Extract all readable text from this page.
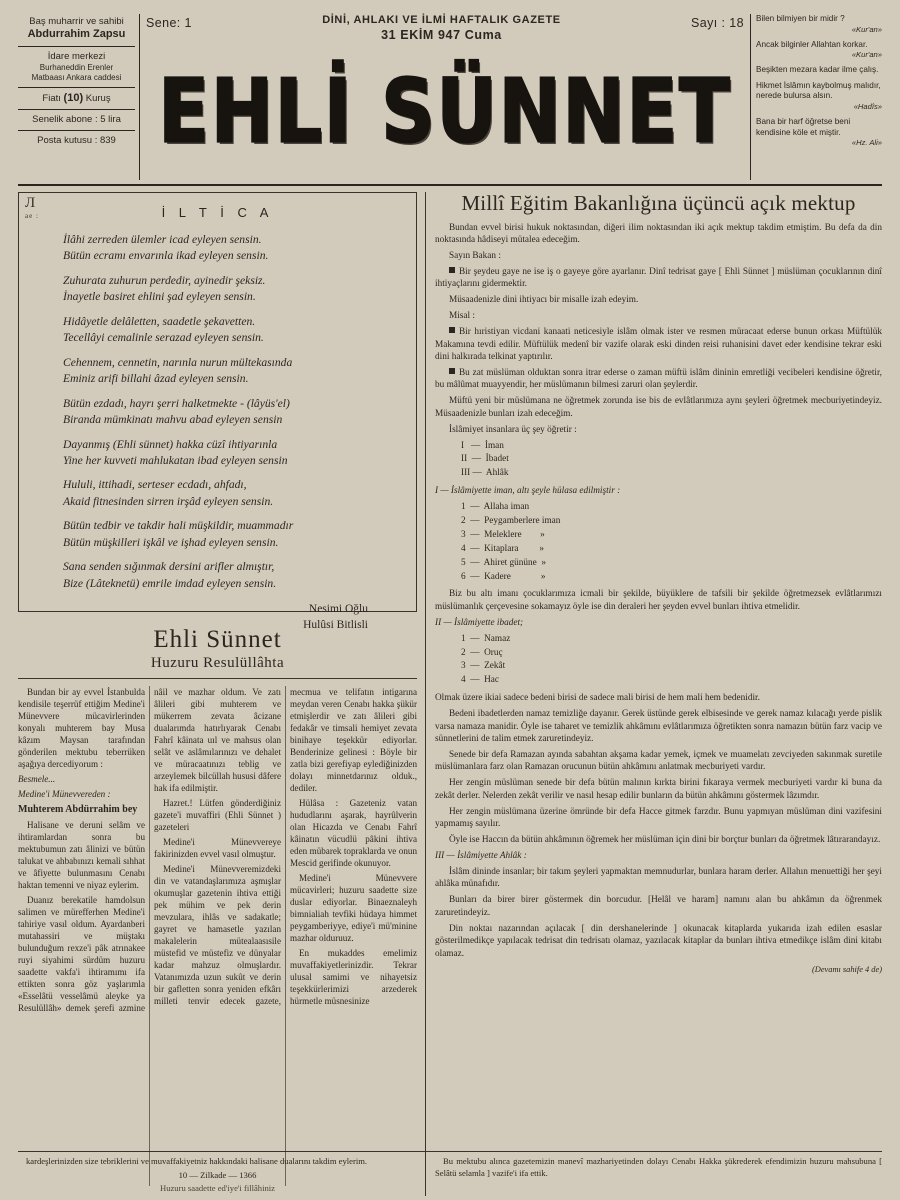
Baş muharrir ve sahibi
Abdurrahim Zapsu
İdare merkezi
Burhaneddin Erenler
Matbaası Ankara caddesi
Fiatı (10) Kuruş
Senelik abone : 5 lira
Posta kutusu : 839
Sene: 1	DİNİ, AHLAKI VE İLMİ HAFTALIK GAZETE
31 EKİM 947 Cuma
Sayı : 18
EHLİ SÜNNET
Bilen bilmiyen bir midir ?
«Kur'an»
Ancak bilginler Allahtan korkar.
«Kur'an»
Beşikten mezara kadar ilme çalış.
Hikmet İslâmın kaybolmuş malıdır, nerede bulursa alsın.
«Hadîs»
Bana bir harf öğretse beni kendisine köle et miştir.
«Hz. Ali»
Л
ae :	İ L T İ C A
İlâhi zerreden ülemler icad eyleyen sensin.
Bütün ecramı envarınla ikad eyleyen sensin.
Zuhurata zuhurun perdedir, ayinedir şeksiz.
İnayetle basiret ehlini şad eyleyen sensin.
Hidâyetle delâletten, saadetle şekavetten.
Tecellâyi cemalinle serazad eyleyen sensin.
Cehennem, cennetin, narınla nurun mültekasında
Eminiz arifi billahi âzad eyleyen sensin.
Bütün ezdadı, hayrı şerri halketmekte - (lâyüs'el)
Biranda mümkinatı mahvu abad eyleyen sensin
Dayanmış (Ehli sünnet) hakka cüzî ihtiyarınla
Yine her kuvveti mahlukatan ibad eyleyen sensin
Hululi, ittihadi, serteser ecdadı, ahfadı,
Akaid fitnesinden sirren irşâd eyleyen sensin.
Bütün tedbir ve takdir hali müşkildir, muammadır
Bütün müşkilleri işkâl ve işhad eyleyen sensin.
Sana senden sığınmak dersini arifler almıştır,
Bize (Lâteknetü) emrile imdad eyleyen sensin.
Nesimi Oğlu
Hulûsi Bitlisli
Ehli Sünnet
Huzuru Resulüllâhta

Bundan bir ay evvel İstanbulda kendisile teşerrüf ettiğim Medine'i Münevvere mücavirlerinden konyalı muhterem bay Musa kâzım Maysan tarafından gönderilen mektubu teberrüken aşağıya dercediyorum :

Besmele...

Medine'i Münevvereden :

Muhterem Abdürrahim bey

Halisane ve deruni selâm ve ihtiramlardan sonra bu mektubumun zatı âlinizi ve bütün talukat ve ahbabınızı kemali sıhhat ve âfiyette bulunmasını Cenabı haktan temenni ve niyaz eylerim.

Duanız berekatile hamdolsun salimen ve mürefferhen Medine'i tahiriye vasıl oldum. Ayardanberi mutahassiri ve müştakı bulunduğum rexze'i pâk atrınakee ruyi siyahimi sürdüm huzuru saadette vakfa'i ihtiramımı ifa ettikten sonra göz yaşlarımla «Esselâtü vesselâmü aleyke ya Resulüllâh» demek şerefi azmine nâil ve mazhar oldum. Ve zatı âlileri gibi muhterem ve mükerrem zevata âcizane dualarımda hatırlıyarak Cenabı Fahrî kâinata uıl ve mahsus olan selât ve aslâmılarınızı ve dehalet ve müracaatınızı teblig ve arzeylemek bilcüllah hususi dâfere hak ifa edilmiştir.

Hazret.! Lütfen gönderdiğiniz gazete'i muvaffiri (Ehli Sünnet ) gazeteleri

Medine'i Münevvereye fakirinizden evvel vasıl olmuştur.

Medine'i Münevveremizdeki din ve vatandaşlarımıza aşmışlar okumuşlar gazetenin ihtiva ettiği pek mühim ve pek derin mevzulara, ihlâs ve sadakatle; gayret ve hamasetle yazılan makalelerin mütealaasısile müstefid ve müstefiz ve dünyalar kadar mahzuz olmuşlardır. Vatanımızda uzun sukût ve derin bir gafletten sonra yeniden efkârı milleti tenvir edecek gazete, mecmua ve telifatın intigarına meydan veren Cenabı hakka şükür etmişlerdir ve zatı âlileri gibi fedakâr ve timsali hemiyet zevata binihaye teşekkür ediyorlar. Benderinize gelinesi : Böyle bir zatla bizi gerefiyap eylediğinizden dolayı minnetdarınız olduk., dediler.

Hülâsa : Gazeteniz vatan hududlarını aşarak, hayrûlverin olan Hicazda ve Cenabı Fahrî kâinatın vücudlü pâkini ihtiva eden mübarek topraklarda ve onun Mescid gerifinde okunuyor.

Medine'i Münevvere mücavirleri; huzuru saadette size duslar ediyorlar. Binaeznaleyh bimnialiah tevfiki hüdaya himmet peygamberiyye, ediye'i mü'minine mazhar olduruuz.

En mukaddes emelimiz muvaffakiyetlerinizdir. Tekrar ulusal samimi ve nihayetsiz teşekkürlerimizi arzederek hürmetle müsnesinize

Millî Eğitim Bakanlığına üçüncü açık mektup

Bundan evvel birisi hukuk noktasından, diğeri ilim noktasından iki açık mektup takdim etmiştim. Bu defa da din noktasında hâdiseyi mütalea edeceğim.

Sayın Bakan :

Bir şeydeu gaye ne ise iş o gayeye göre ayarlanır. Dinî tedrisat gaye [ Ehli Sünnet ] müslüman çocuklarının dinî ihtiyaçlarını gidermektir.

Müsaadenizle dini ihtiyacı bir misalle izah edeyim.

Misal :

Bir hıristiyan vicdani kanaati neticesiyle islâm olmak ister ve resmen müracaat ederse bunun orkası Müftülük Makamına tevdi edilir. Müftülük medenî bir vazife olarak eski dinden reisi ruhanisini davet eder kendisine tekrar eski dini halkırada telkinat yaptırılır.

Bu zat müslüman olduktan sonra itrar ederse o zaman müftü islâm dininin emretliği vecibeleri kendisine öğretir, bu mâlûmat muayyendir, her müslümanın bilmesi zaruri olan şeylerdir.

Müftü yeni bir müslümana ne öğretmek zorunda ise bis de evlâtlarımıza aynı şeyleri öğretmek mecburiyetindeyiz. Müsaadenizle bunları izah edeceğim.

İslâmiyet insanlara üç şey öğretir :

I   —  İman
II  —  İbadet
III —  Ahlâk

I — İslâmiyette iman, altı şeyle hülasa edilmiştir :

1  —  Allaha iman
2  —  Peygamberlere iman
3  —  Meleklere        »
4  —  Kitaplara         »
5  —  Ahiret gününe  »
6  —  Kadere             »

Biz bu altı imanı çocuklarımıza icmali bir şekilde, büyüklere de tafsili bir şekilde öğretmezsek evlâtlarımızı müslümanlık çerçevesine sokamayız öyle ise din deraleri her şeyden evvel bunları ihtiva etmelidir.

II — İslâmiyette ibadet;

1  —  Namaz
2  —  Oruç
3  —  Zekât
4  —  Hac

Olmak üzere ikiai sadece bedeni birisi de sadece mali birisi de hem mali hem bedenidir.

Bedeni ibadetlerden namaz temizliğe dayanır. Gerek üstünde gerek elbisesinde ve gerek namaz kılacağı yerde pislik varsa namaza manidir. Öyle ise taharet ve temizlik ahkâmını evlâtlarımıza öğretikten sonra namazın bütün farz vacip ve sünnetlerini de talim etmek zaruretindeyiz.

Senede bir defa Ramazan ayında sabahtan akşama kadar yemek, içmek ve muamelatı zevciyeden sakınmak suretile müslümanlara farz olan Ramazan orucunun bütün ahkâmını anlatmak mecburiyeti vardır.

Her zengin müslüman senede bir defa bütün malının kırkta birini fıkaraya vermek mecburiyeti vardır ki buna da zekât derler. Nelerden zekât verilir ve nasıl hesap edilir bunların da bütün ahkâmını göstermek lâzımdır.

Her zengin müslümana üzerine ömründe bir defa Hacce gitmek farzdır. Bunu yapmıyan müslüman dini vazifesini yapmamış sayılır.

Öyle ise Haccın da bütün ahkâmının öğremek her müslüman için dini bir borçtur bunları da öğretmek lâtırarandayız.

III — İslâmiyette Ahlâk :

İslâm dininde insanlar; bir takım şeyleri yapmaktan memnudurlar, bunlara haram derler. Allahın menuettiği her şeyi ahlâka münafıdır.

Bunları da birer birer göstermek din borcudur. [Helâl ve haram] namını alan bu ahkâmın da öğrenmek zaruretindeyiz.

Din noktaı nazarından açılacak [ din dershanelerinde ] okunacak kitaplarda yukarıda izah edilen esaslar gösterilmedikçe yapılacak tedrisat din tedrisatı olamaz, yazılacak kitaplar da bunları ihtiva etmedikçe islâm dini kitabı olamaz.

(Devamı sahife 4 de)

kardeşlerinizden size tebriklerini ve muvaffakiyetniz hakkındaki halisane dualarını takdim eylerim.

10 — Zilkade — 1366

Huzuru saadette ed'iye'i fillâhiniz

Bu mektubu alınca gazetemizin manevî mazhariyetinden dolayı Cenabı Hakka şükrederek efendimizin huzuru mahsubuna [ Selâtü selamla ] vazife'i ifa ettik.
